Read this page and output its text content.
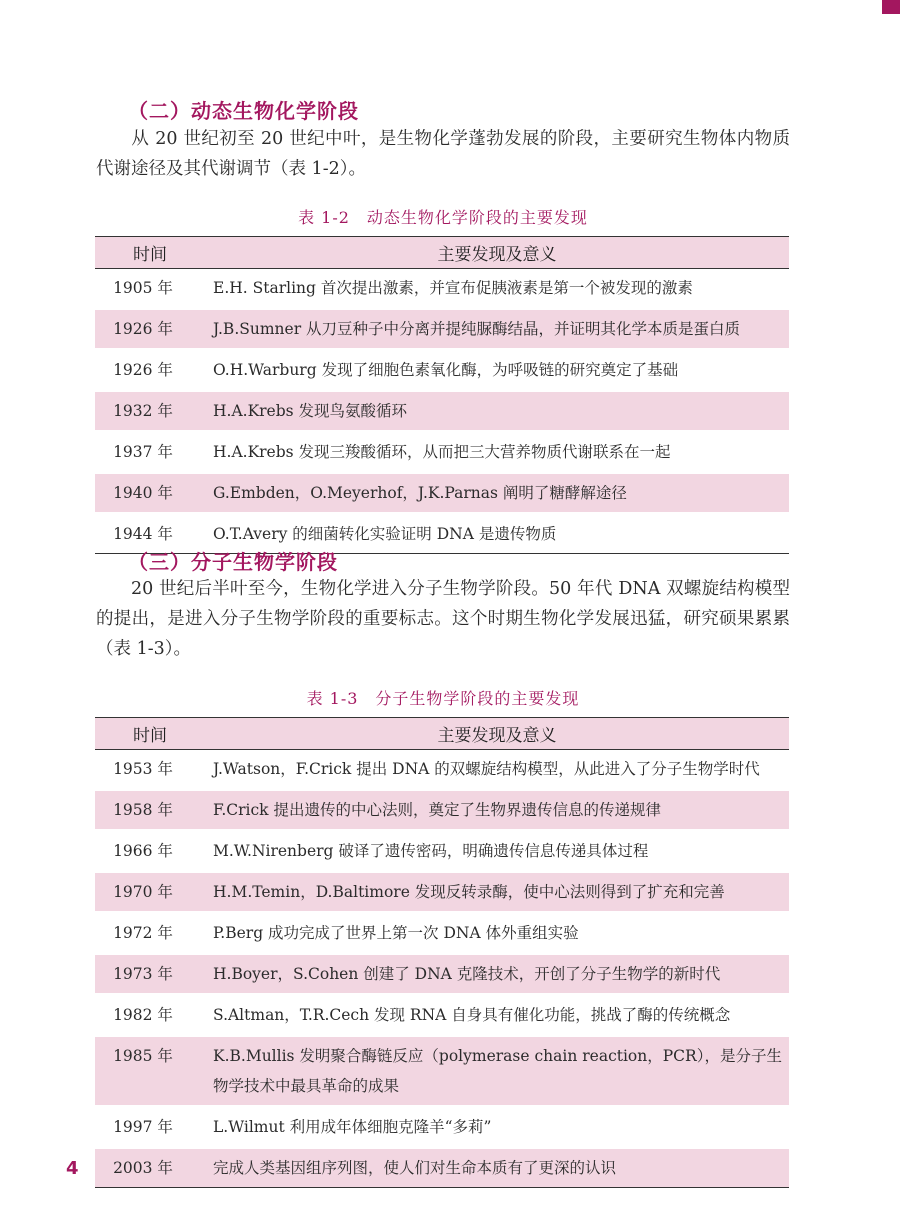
（二）动态生物化学阶段
从 20 世纪初至 20 世纪中叶，是生物化学蓬勃发展的阶段，主要研究生物体内物质代谢途径及其代谢调节（表 1-2）。
表 1-2　动态生物化学阶段的主要发现
时间	主要发现及意义
1905 年	E.H. Starling 首次提出激素，并宣布促胰液素是第一个被发现的激素
1926 年	J.B.Sumner 从刀豆种子中分离并提纯脲酶结晶，并证明其化学本质是蛋白质
1926 年	O.H.Warburg 发现了细胞色素氧化酶，为呼吸链的研究奠定了基础
1932 年	H.A.Krebs 发现鸟氨酸循环
1937 年	H.A.Krebs 发现三羧酸循环，从而把三大营养物质代谢联系在一起
1940 年	G.Embden，O.Meyerhof，J.K.Parnas 阐明了糖酵解途径
1944 年	O.T.Avery 的细菌转化实验证明 DNA 是遗传物质
（三）分子生物学阶段
20 世纪后半叶至今，生物化学进入分子生物学阶段。50 年代 DNA 双螺旋结构模型的提出，是进入分子生物学阶段的重要标志。这个时期生物化学发展迅猛，研究硕果累累（表 1-3）。
表 1-3　分子生物学阶段的主要发现
时间	主要发现及意义
1953 年	J.Watson，F.Crick 提出 DNA 的双螺旋结构模型，从此进入了分子生物学时代
1958 年	F.Crick 提出遗传的中心法则，奠定了生物界遗传信息的传递规律
1966 年	M.W.Nirenberg 破译了遗传密码，明确遗传信息传递具体过程
1970 年	H.M.Temin，D.Baltimore 发现反转录酶，使中心法则得到了扩充和完善
1972 年	P.Berg 成功完成了世界上第一次 DNA 体外重组实验
1973 年	H.Boyer，S.Cohen 创建了 DNA 克隆技术，开创了分子生物学的新时代
1982 年	S.Altman，T.R.Cech 发现 RNA 自身具有催化功能，挑战了酶的传统概念
1985 年	K.B.Mullis 发明聚合酶链反应（polymerase chain reaction，PCR），是分子生物学技术中最具革命的成果
1997 年	L.Wilmut 利用成年体细胞克隆羊“多莉”
2003 年	完成人类基因组序列图，使人们对生命本质有了更深的认识
4
